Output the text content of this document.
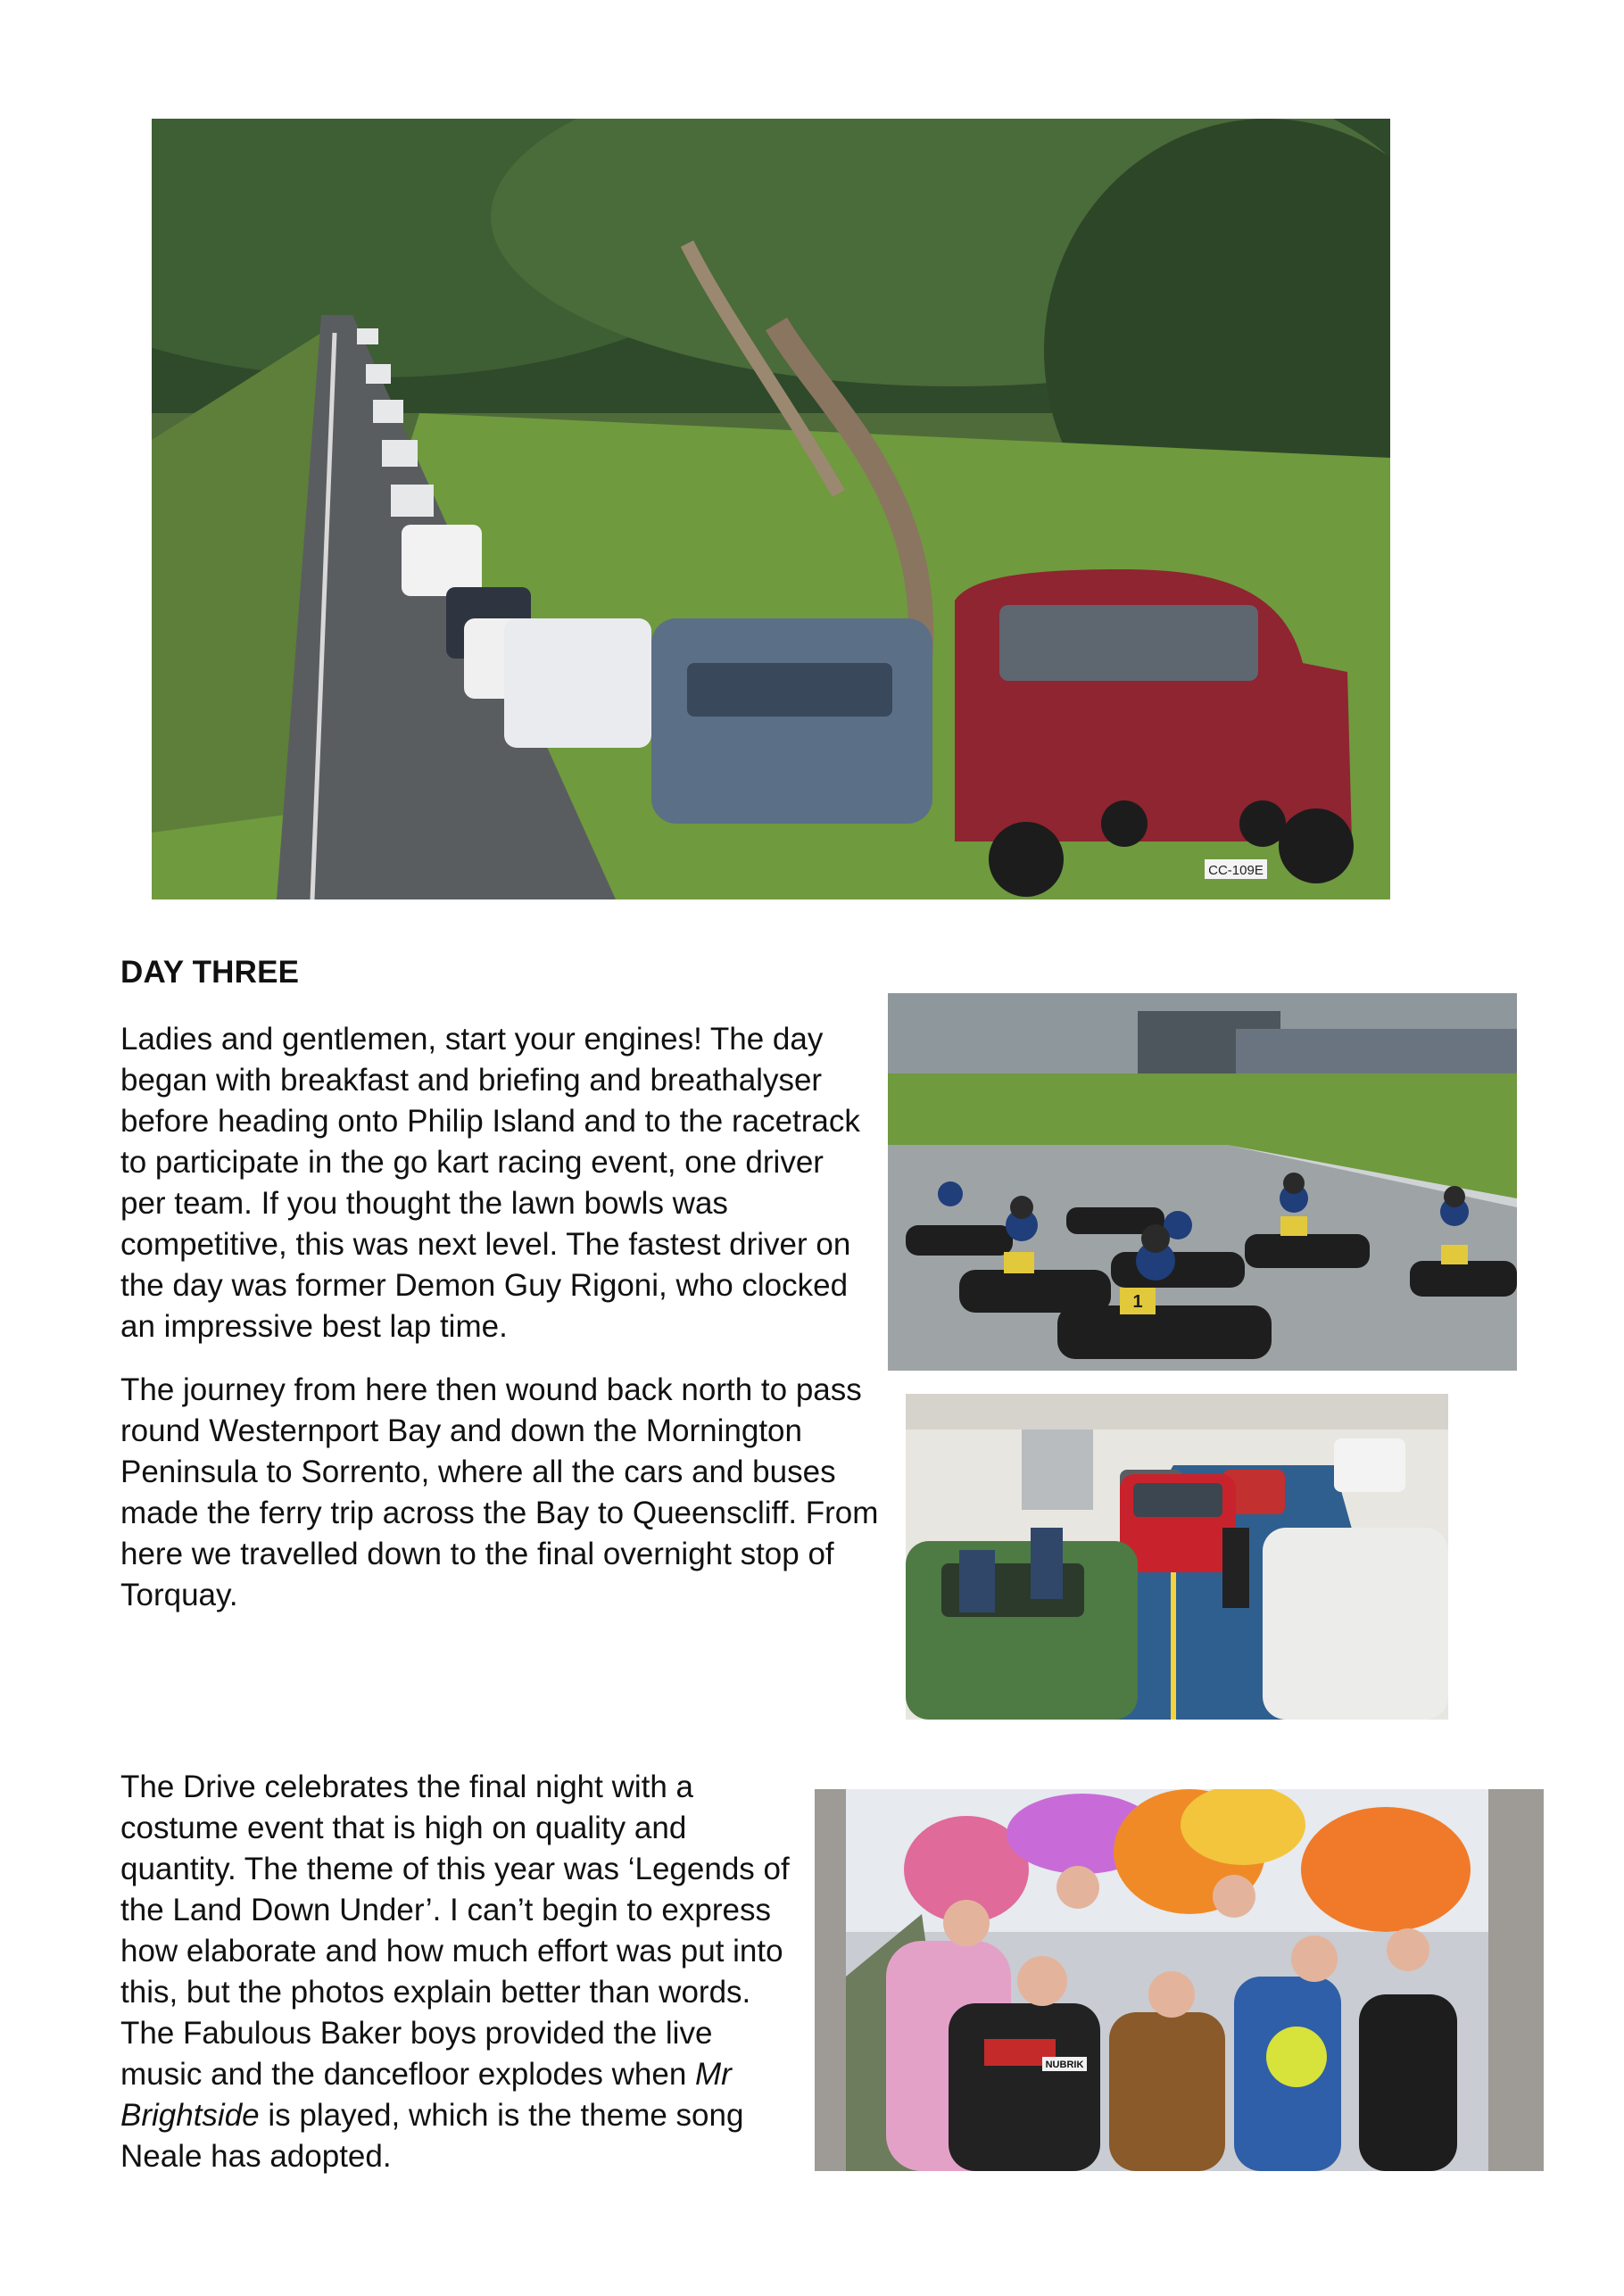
CC-109E
DAY THREE

Ladies and gentlemen, start your engines! The day began with breakfast and briefing and breathalyser before heading onto Philip Island and to the racetrack to participate in the go kart racing event, one driver per team. If you thought the lawn bowls was competitive, this was next level. The fastest driver on the day was former Demon Guy Rigoni, who clocked an impressive best lap time.

1

The journey from here then wound back north to pass round Westernport Bay and down the Mornington Peninsula to Sorrento, where all the cars and buses made the ferry trip across the Bay to Queenscliff. From here we travelled down to the final overnight stop of Torquay.

The Drive celebrates the final night with a costume event that is high on quality and quantity. The theme of this year was ‘Legends of the Land Down Under’. I can’t begin to express how elaborate and how much effort was put into this, but the photos explain better than words. The Fabulous Baker boys provided the live music and the dancefloor explodes when Mr Brightside is played, which is the theme song Neale has adopted.

NUBRIK
